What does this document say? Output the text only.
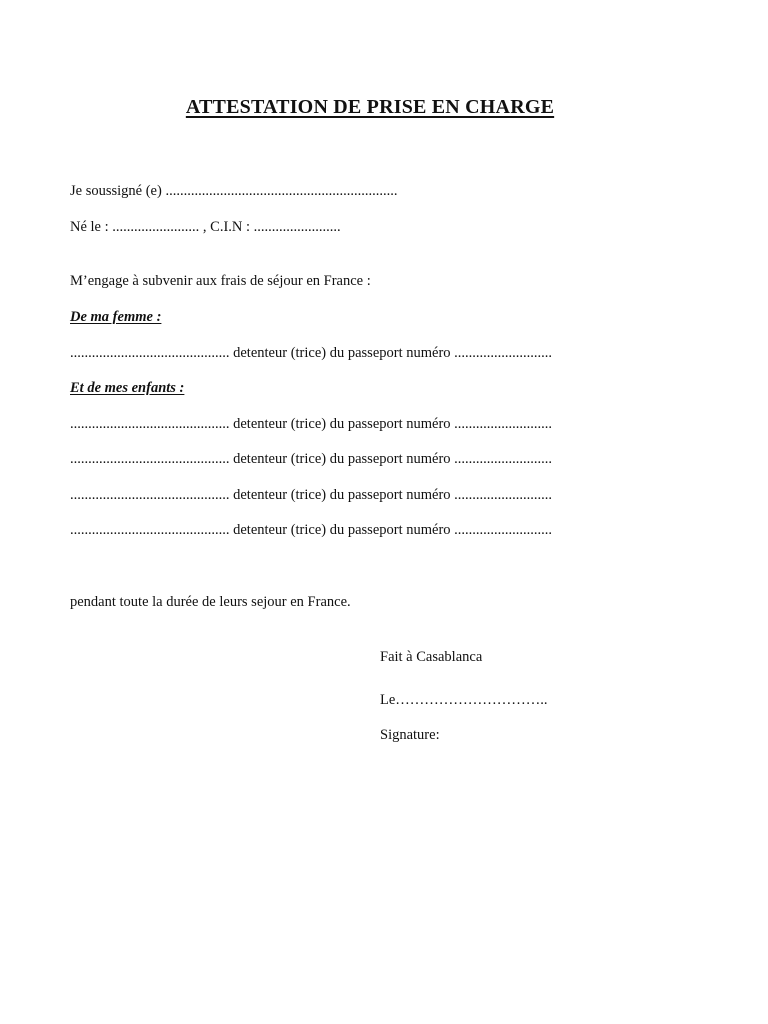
ATTESTATION DE PRISE EN CHARGE
Je soussigné (e) ................................................................
Né le : ........................ , C.I.N : ........................
M’engage à subvenir aux frais de séjour en France :
De ma femme :
............................................ detenteur (trice) du passeport numéro ...........................
Et de mes enfants :
............................................ detenteur (trice) du passeport numéro ...........................
............................................ detenteur (trice) du passeport numéro ...........................
............................................ detenteur (trice) du passeport numéro ...........................
............................................ detenteur (trice) du passeport numéro ...........................
pendant toute la durée de leurs sejour en France.
Fait à Casablanca
Le…………………………..
Signature:
